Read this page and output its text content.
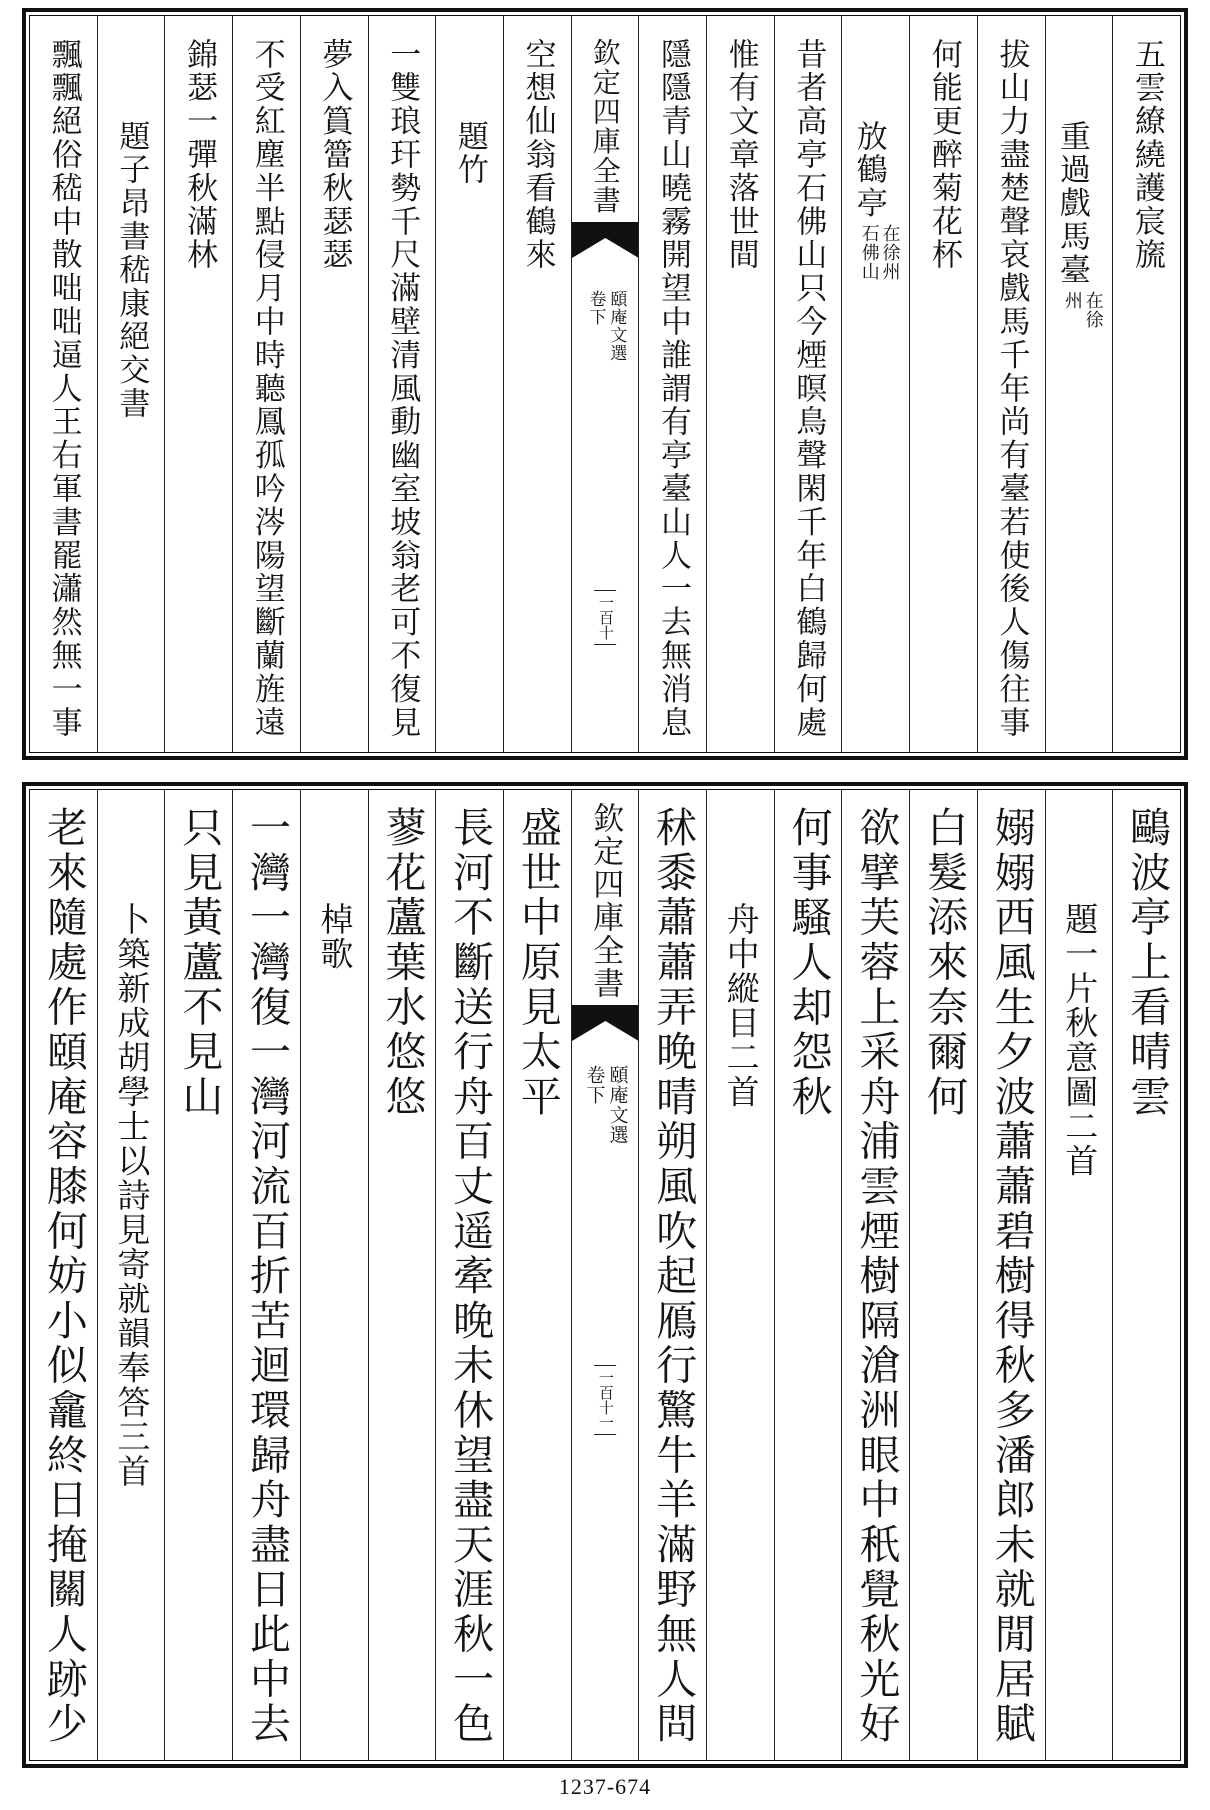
五雲繚繞護宸旒
重過戲馬臺在徐州
拔山力盡楚聲哀戲馬千年尚有臺若使後人傷往事
何能更醉菊花杯
放鶴亭在徐州石佛山
昔者高亭石佛山只今煙暝鳥聲閑千年白鶴歸何處
惟有文章落世間
隱隱青山曉霧開望中誰謂有亭臺山人一去無消息
欽定四庫全書
頤庵文選
卷下
一百十
空想仙翁看鶴來
題竹
一雙琅玕勢千尺滿壁清風動幽室坡翁老可不復見
夢入篔簹秋瑟瑟
不受紅塵半點侵月中時聽鳳孤吟涔陽望斷蘭旌遠
錦瑟一彈秋滿林
題子昂書嵇康絕交書
飄飄絕俗嵇中散咄咄逼人王右軍書罷瀟然無一事
鷗波亭上看晴雲
題一片秋意圖二首
嫋嫋西風生夕波蕭蕭碧樹得秋多潘郎未就閒居賦
白髮添來奈爾何
欲擘芙蓉上采舟浦雲煙樹隔滄洲眼中秖覺秋光好
何事騷人却怨秋
舟中縱目二首
秫黍蕭蕭弄晚晴朔風吹起鴈行驚牛羊滿野無人問
欽定四庫全書
頤庵文選
卷下
一百十一
盛世中原見太平
長河不斷送行舟百丈遥牽晚未休望盡天涯秋一色
蓼花蘆葉水悠悠
棹歌
一灣一灣復一灣河流百折苦迴環歸舟盡日此中去
只見黃蘆不見山
卜築新成胡學士以詩見寄就韻奉答三首
老來隨處作頤庵容膝何妨小似龕終日掩關人跡少
1237-674
